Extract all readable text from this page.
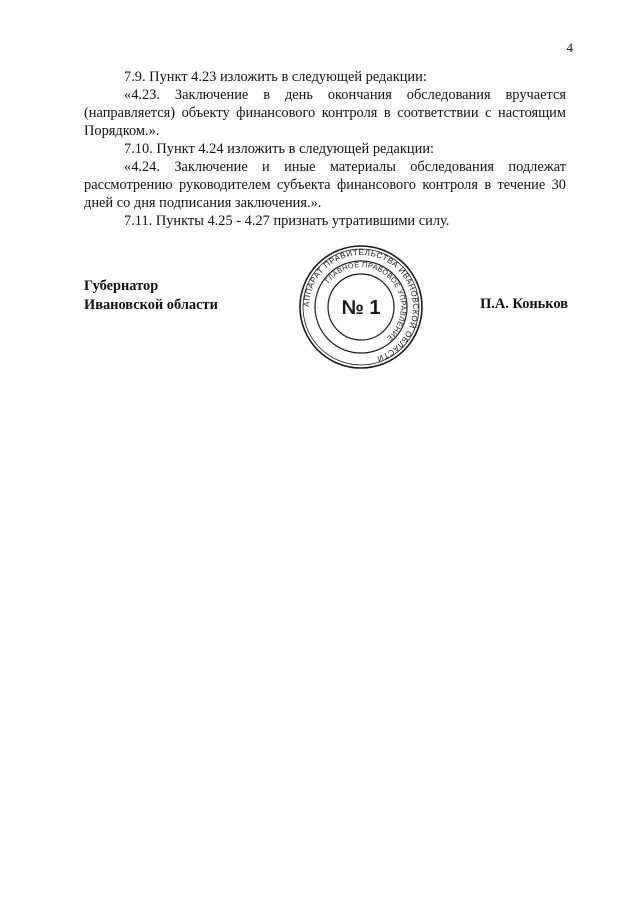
4

7.9. Пункт 4.23 изложить в следующей редакции:

«4.23. Заключение в день окончания обследования вручается (направляется) объекту финансового контроля в соответствии с настоящим Порядком.».

7.10. Пункт 4.24 изложить в следующей редакции:

«4.24. Заключение и иные материалы обследования подлежат рассмотрению руководителем субъекта финансового контроля в течение 30 дней со дня подписания заключения.».

7.11. Пункты 4.25 - 4.27 признать утратившими силу.

Губернатор
Ивановской области	П.А. Коньков
АППАРАТ ПРАВИТЕЛЬСТВА ИВАНОВСКОЙ ОБЛАСТИ
ГЛАВНОЕ ПРАВОВОЕ УПРАВЛЕНИЕ
№ 1
